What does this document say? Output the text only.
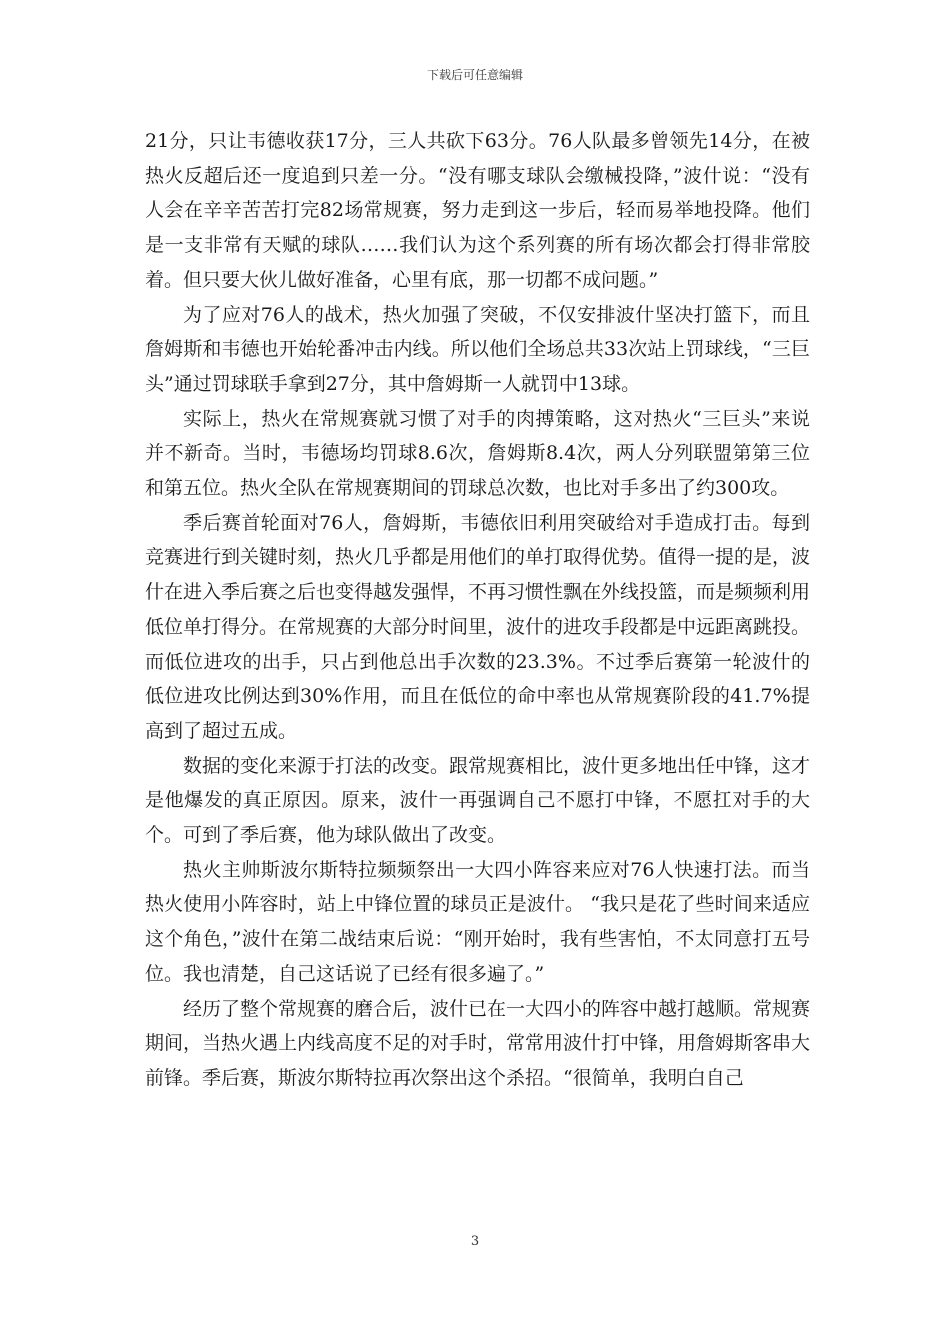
下载后可任意编辑

21分，只让韦德收获17分，三人共砍下63分。76人队最多曾领先14分，在被热火反超后还一度追到只差一分。“没有哪支球队会缴械投降，”波什说：“没有人会在辛辛苦苦打完82场常规赛，努力走到这一步后，轻而易举地投降。他们是一支非常有天赋的球队……我们认为这个系列赛的所有场次都会打得非常胶着。但只要大伙儿做好准备，心里有底，那一切都不成问题。”

为了应对76人的战术，热火加强了突破，不仅安排波什坚决打篮下，而且詹姆斯和韦德也开始轮番冲击内线。所以他们全场总共33次站上罚球线，“三巨头”通过罚球联手拿到27分，其中詹姆斯一人就罚中13球。

实际上，热火在常规赛就习惯了对手的肉搏策略，这对热火“三巨头”来说并不新奇。当时，韦德场均罚球8.6次，詹姆斯8.4次，两人分列联盟第第三位和第五位。热火全队在常规赛期间的罚球总次数，也比对手多出了约300攻。

季后赛首轮面对76人，詹姆斯，韦德依旧利用突破给对手造成打击。每到竞赛进行到关键时刻，热火几乎都是用他们的单打取得优势。值得一提的是，波什在进入季后赛之后也变得越发强悍，不再习惯性飘在外线投篮，而是频频利用低位单打得分。在常规赛的大部分时间里，波什的进攻手段都是中远距离跳投。而低位进攻的出手，只占到他总出手次数的23.3%。不过季后赛第一轮波什的低位进攻比例达到30%作用，而且在低位的命中率也从常规赛阶段的41.7%提高到了超过五成。

数据的变化来源于打法的改变。跟常规赛相比，波什更多地出任中锋，这才是他爆发的真正原因。原来，波什一再强调自己不愿打中锋，不愿扛对手的大个。可到了季后赛，他为球队做出了改变。

热火主帅斯波尔斯特拉频频祭出一大四小阵容来应对76人快速打法。而当热火使用小阵容时，站上中锋位置的球员正是波什。 “我只是花了些时间来适应这个角色，”波什在第二战结束后说：“刚开始时，我有些害怕，不太同意打五号位。我也清楚，自己这话说了已经有很多遍了。”

经历了整个常规赛的磨合后，波什已在一大四小的阵容中越打越顺。常规赛期间，当热火遇上内线高度不足的对手时，常常用波什打中锋，用詹姆斯客串大前锋。季后赛，斯波尔斯特拉再次祭出这个杀招。“很简单，我明白自己

3
